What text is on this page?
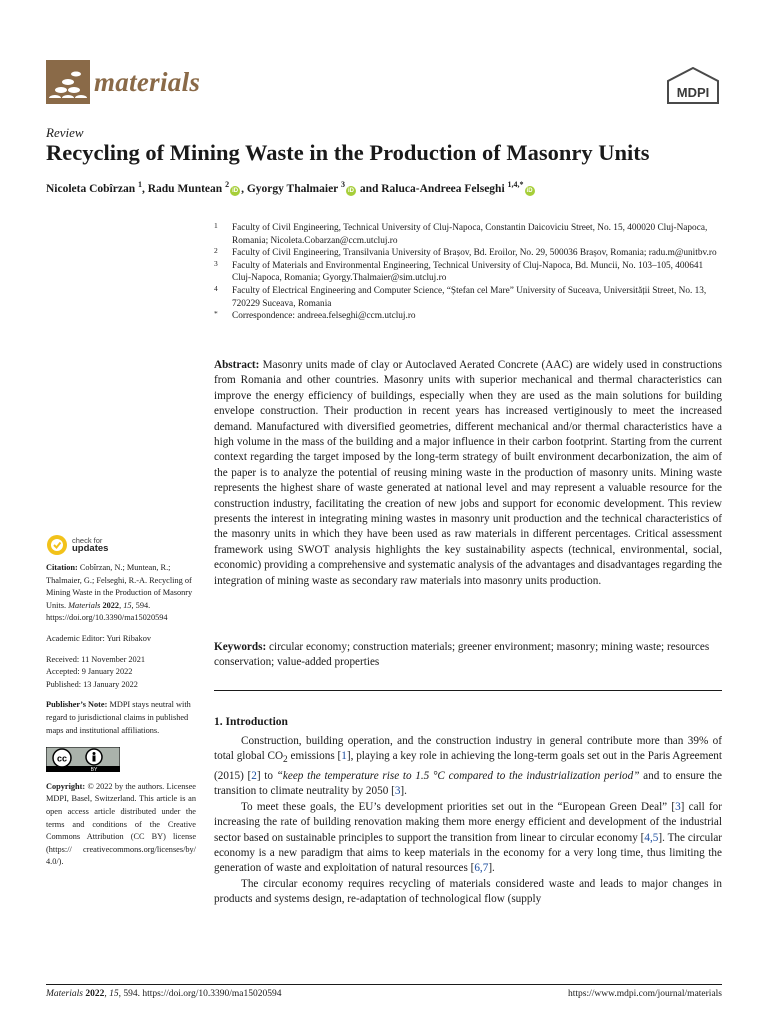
materials	MDPI
Review
Recycling of Mining Waste in the Production of Masonry Units
Nicoleta Cobîrzan $^1$, Radu Muntean $^2$iD , Gyorgy Thalmaier $^3$iD and Raluca-Andreea Felseghi $^{1,4,*}$iD
1 Faculty of Civil Engineering, Technical University of Cluj-Napoca, Constantin Daicoviciu Street, No. 15, 400020 Cluj-Napoca, Romania; Nicoleta.Cobarzan@ccm.utcluj.ro
2 Faculty of Civil Engineering, Transilvania University of Brașov, Bd. Eroilor, No. 29, 500036 Brașov, Romania; radu.m@unitbv.ro
3 Faculty of Materials and Environmental Engineering, Technical University of Cluj-Napoca, Bd. Muncii, No. 103–105, 400641 Cluj-Napoca, Romania; Gyorgy.Thalmaier@sim.utcluj.ro
4 Faculty of Electrical Engineering and Computer Science, “Ștefan cel Mare” University of Suceava, Universității Street, No. 13, 720229 Suceava, Romania
* Correspondence: andreea.felseghi@ccm.utcluj.ro
Abstract: Masonry units made of clay or Autoclaved Aerated Concrete (AAC) are widely used in constructions from Romania and other countries. Masonry units with superior mechanical and thermal characteristics can improve the energy efficiency of buildings, especially when they are used as the main solutions for building envelope construction. Their production in recent years has increased vertiginously to meet the increased demand. Manufactured with diversified geometries, different mechanical and/or thermal characteristics have a high volume in the mass of the building and a major influence in their carbon footprint. Starting from the current context regarding the target imposed by the long-term strategy of built environment decarbonization, the aim of the paper is to analyze the potential of reusing mining waste in the production of masonry units. Mining waste represents the highest share of waste generated at national level and may represent a valuable resource for the construction industry, facilitating the creation of new jobs and support for economic development. This review presents the interest in integrating mining wastes in masonry unit production and the technical characteristics of the masonry units in which they have been used as raw materials in different percentages. Critical assessment framework using SWOT analysis highlights the key sustainability aspects (technical, environmental, social, economic) providing a comprehensive and systematic analysis of the advantages and disadvantages regarding the integration of mining waste as secondary raw materials into masonry units production.
Keywords: circular economy; construction materials; greener environment; masonry; mining waste; resources conservation; value-added properties
1. Introduction

Construction, building operation, and the construction industry in general contribute more than 39% of total global $CO_2$ emissions [1], playing a key role in achieving the long-term goals set out in the Paris Agreement (2015) [2] to “keep the temperature rise to 1.5 °C compared to the industrialization period” and to ensure the transition to climate neutrality by 2050 [3].

To meet these goals, the EU’s development priorities set out in the “European Green Deal” [3] call for increasing the rate of building renovation making them more energy efficient and development of the industrial sector based on sustainable principles to support the transition from linear to circular economy [4,5]. The circular economy is a new paradigm that aims to keep materials in the economy for a very long time, thus limiting the generation of waste and exploitation of natural resources [6,7].

The circular economy requires recycling of materials considered waste and leads to major changes in products and systems design, re-adaptation of technological flow (supply

check for
updates
Citation: Cobîrzan, N.; Muntean, R.; Thalmaier, G.; Felseghi, R.-A. Recycling of Mining Waste in the Production of Masonry Units. Materials 2022, 15, 594. https://doi.org/10.3390/ma15020594
Academic Editor: Yuri Ribakov
Received: 11 November 2021
Accepted: 9 January 2022
Published: 13 January 2022
Publisher’s Note: MDPI stays neutral with regard to jurisdictional claims in published maps and institutional affiliations.
cc
BY
Copyright: © 2022 by the authors. Licensee MDPI, Basel, Switzerland. This article is an open access article distributed under the terms and conditions of the Creative Commons Attribution (CC BY) license (https:// creativecommons.org/licenses/by/ 4.0/).
Materials 2022, 15, 594. https://doi.org/10.3390/ma15020594	https://www.mdpi.com/journal/materials
